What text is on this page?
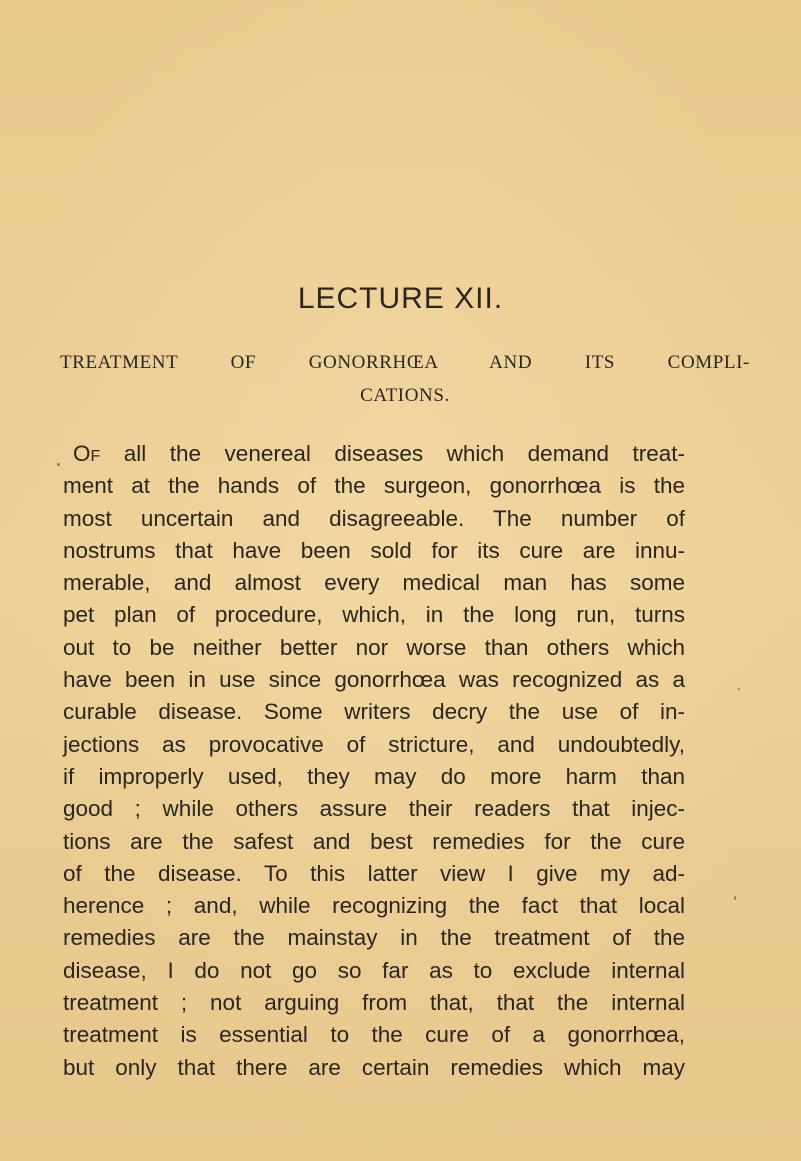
LECTURE XII.
TREATMENT OF GONORRHŒA AND ITS COMPLI-
CATIONS.
Of all the venereal diseases which demand treat-
ment at the hands of the surgeon, gonorrhœa is the
most uncertain and disagreeable. The number of
nostrums that have been sold for its cure are innu-
merable, and almost every medical man has some
pet plan of procedure, which, in the long run, turns
out to be neither better nor worse than others which
have been in use since gonorrhœa was recognized as a
curable disease. Some writers decry the use of in-
jections as provocative of stricture, and undoubtedly,
if improperly used, they may do more harm than
good ; while others assure their readers that injec-
tions are the safest and best remedies for the cure
of the disease. To this latter view I give my ad-
herence ; and, while recognizing the fact that local
remedies are the mainstay in the treatment of the
disease, I do not go so far as to exclude internal
treatment ; not arguing from that, that the internal
treatment is essential to the cure of a gonorrhœa,
but only that there are certain remedies which may
